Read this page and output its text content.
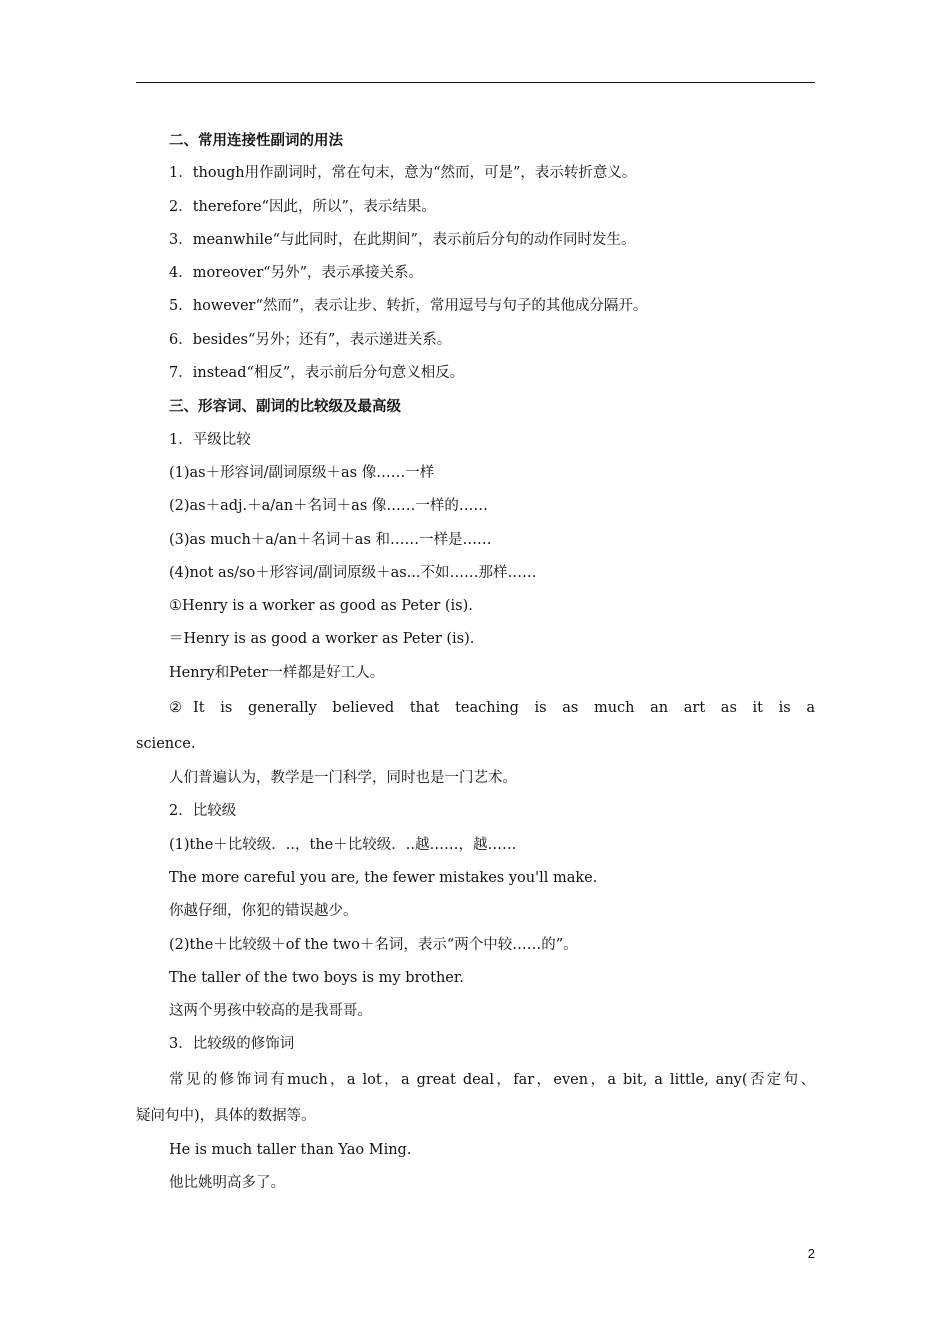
二、常用连接性副词的用法
1．though用作副词时，常在句末，意为“然而，可是”，表示转折意义。
2．therefore“因此，所以”，表示结果。
3．meanwhile“与此同时，在此期间”，表示前后分句的动作同时发生。
4．moreover“另外”，表示承接关系。
5．however“然而”，表示让步、转折，常用逗号与句子的其他成分隔开。
6．besides“另外；还有”，表示递进关系。
7．instead“相反”，表示前后分句意义相反。
三、形容词、副词的比较级及最高级
1．平级比较
(1)as＋形容词/副词原级＋as 像……一样
(2)as＋adj.＋a/an＋名词＋as 像……一样的……
(3)as much＋a/an＋名词＋as 和……一样是……
(4)not as/so＋形容词/副词原级＋as...不如……那样……
①Henry is a worker as good as Peter (is).
＝Henry is as good a worker as Peter (is).
Henry和Peter一样都是好工人。
②It is generally believed that teaching is as much an art as it is a
science.
人们普遍认为，教学是一门科学，同时也是一门艺术。
2．比较级
(1)the＋比较级．..，the＋比较级．..越……，越……
The more careful you are, the fewer mistakes you'll make.
你越仔细，你犯的错误越少。
(2)the＋比较级＋of the two＋名词，表示“两个中较……的”。
The taller of the two boys is my brother.
这两个男孩中较高的是我哥哥。
3．比较级的修饰词
常见的修饰词有much，a lot，a great deal，far，even，a bit, a little, any(否定句、
疑问句中)，具体的数据等。
He is much taller than Yao Ming.
他比姚明高多了。
2
